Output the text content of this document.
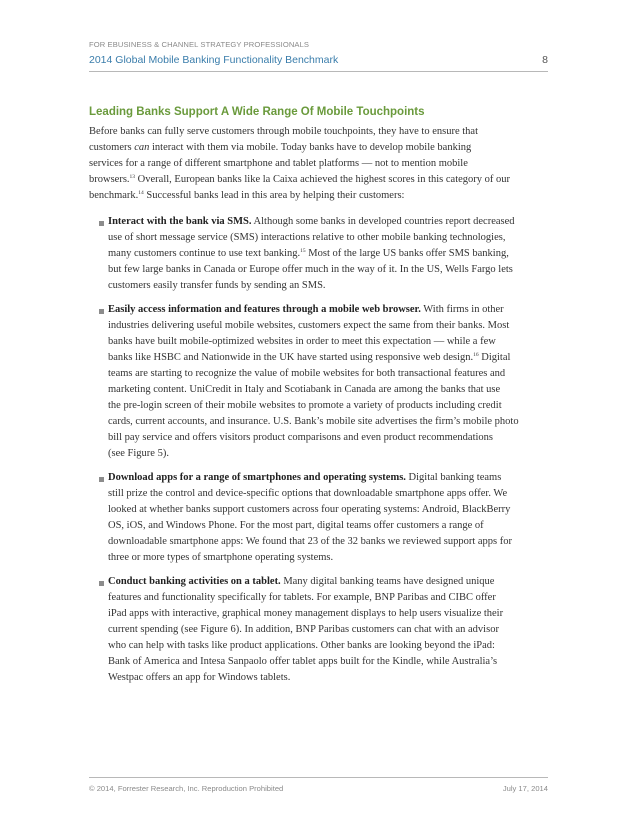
FOR EBUSINESS & CHANNEL STRATEGY PROFESSIONALS
2014 Global Mobile Banking Functionality Benchmark	8
Leading Banks Support A Wide Range Of Mobile Touchpoints
Before banks can fully serve customers through mobile touchpoints, they have to ensure that
customers can interact with them via mobile. Today banks have to develop mobile banking
services for a range of different smartphone and tablet platforms — not to mention mobile
browsers.$^{13}$ Overall, European banks like la Caixa achieved the highest scores in this category of our
benchmark.$^{14}$ Successful banks lead in this area by helping their customers:
Interact with the bank via SMS. Although some banks in developed countries report decreased
use of short message service (SMS) interactions relative to other mobile banking technologies,
many customers continue to use text banking.$^{15}$ Most of the large US banks offer SMS banking,
but few large banks in Canada or Europe offer much in the way of it. In the US, Wells Fargo lets
customers easily transfer funds by sending an SMS.
Easily access information and features through a mobile web browser. With firms in other
industries delivering useful mobile websites, customers expect the same from their banks. Most
banks have built mobile-optimized websites in order to meet this expectation — while a few
banks like HSBC and Nationwide in the UK have started using responsive web design.$^{16}$ Digital
teams are starting to recognize the value of mobile websites for both transactional features and
marketing content. UniCredit in Italy and Scotiabank in Canada are among the banks that use
the pre-login screen of their mobile websites to promote a variety of products including credit
cards, current accounts, and insurance. U.S. Bank’s mobile site advertises the firm’s mobile photo
bill pay service and offers visitors product comparisons and even product recommendations
(see Figure 5).
Download apps for a range of smartphones and operating systems. Digital banking teams
still prize the control and device-specific options that downloadable smartphone apps offer. We
looked at whether banks support customers across four operating systems: Android, BlackBerry
OS, iOS, and Windows Phone. For the most part, digital teams offer customers a range of
downloadable smartphone apps: We found that 23 of the 32 banks we reviewed support apps for
three or more types of smartphone operating systems.
Conduct banking activities on a tablet. Many digital banking teams have designed unique
features and functionality specifically for tablets. For example, BNP Paribas and CIBC offer
iPad apps with interactive, graphical money management displays to help users visualize their
current spending (see Figure 6). In addition, BNP Paribas customers can chat with an advisor
who can help with tasks like product applications. Other banks are looking beyond the iPad:
Bank of America and Intesa Sanpaolo offer tablet apps built for the Kindle, while Australia’s
Westpac offers an app for Windows tablets.
© 2014, Forrester Research, Inc. Reproduction Prohibited	July 17, 2014
